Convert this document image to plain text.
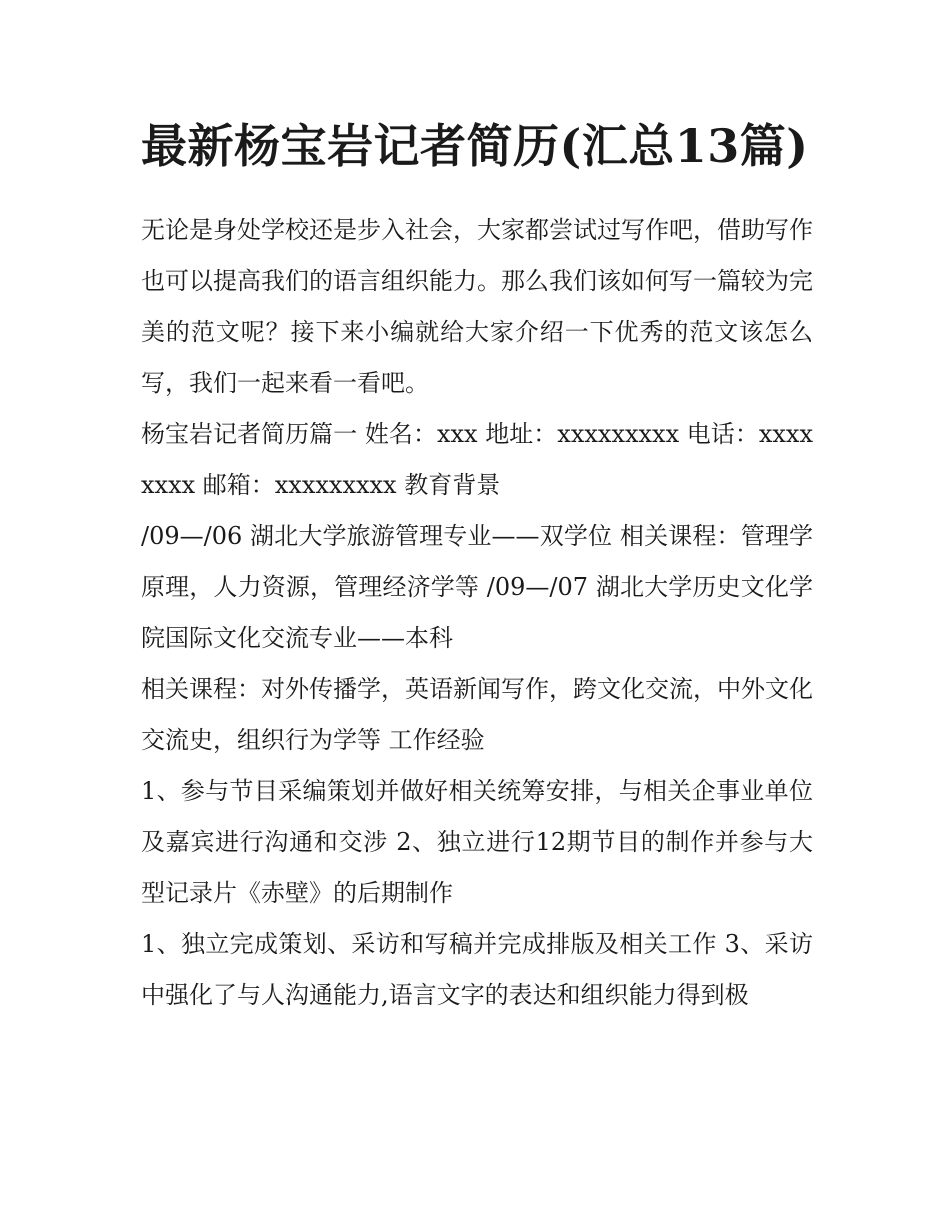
最新杨宝岩记者简历(汇总13篇)

无论是身处学校还是步入社会，大家都尝试过写作吧，借助写作也可以提高我们的语言组织能力。那么我们该如何写一篇较为完美的范文呢？接下来小编就给大家介绍一下优秀的范文该怎么写，我们一起来看一看吧。

杨宝岩记者简历篇一 姓名：xxx 地址：xxxxxxxxx 电话：xxxxxxxx 邮箱：xxxxxxxxx 教育背景

/09—/06 湖北大学旅游管理专业——双学位 相关课程：管理学原理，人力资源，管理经济学等 /09—/07 湖北大学历史文化学院国际文化交流专业——本科

相关课程：对外传播学，英语新闻写作，跨文化交流，中外文化交流史，组织行为学等 工作经验

1、参与节目采编策划并做好相关统筹安排，与相关企事业单位及嘉宾进行沟通和交涉 2、独立进行12期节目的制作并参与大型记录片《赤壁》的后期制作

1、独立完成策划、采访和写稿并完成排版及相关工作 3、采访中强化了与人沟通能力,语言文字的表达和组织能力得到极
